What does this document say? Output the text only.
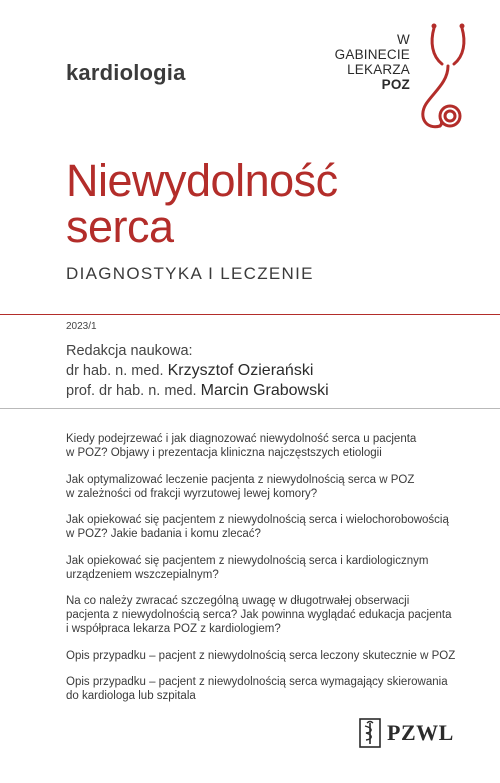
W GABINECIE
LEKARZA POZ
kardiologia
Niewydolność
serca
DIAGNOSTYKA I LECZENIE
2023/1
Redakcja naukowa:
dr hab. n. med. Krzysztof Ozierański
prof. dr hab. n. med. Marcin Grabowski
Kiedy podejrzewać i jak diagnozować niewydolność serca u pacjenta
w POZ? Objawy i prezentacja kliniczna najczęstszych etiologii
Jak optymalizować leczenie pacjenta z niewydolnością serca w POZ
w zależności od frakcji wyrzutowej lewej komory?
Jak opiekować się pacjentem z niewydolnością serca i wielochorobowością
w POZ? Jakie badania i komu zlecać?
Jak opiekować się pacjentem z niewydolnością serca i kardiologicznym
urządzeniem wszczepialnym?
Na co należy zwracać szczególną uwagę w długotrwałej obserwacji
pacjenta z niewydolnością serca? Jak powinna wyglądać edukacja pacjenta
i współpraca lekarza POZ z kardiologiem?
Opis przypadku – pacjent z niewydolnością serca leczony skutecznie w POZ
Opis przypadku – pacjent z niewydolnością serca wymagający skierowania
do kardiologa lub szpitala
PZWL
